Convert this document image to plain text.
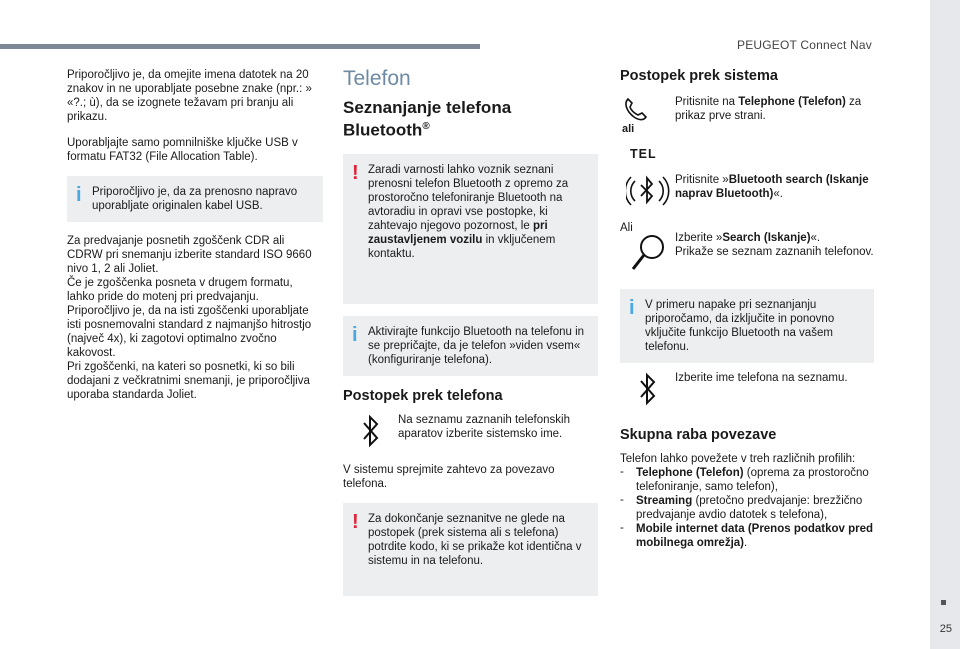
PEUGEOT Connect Nav
25

Priporočljivo je, da omejite imena datotek na 20 znakov in ne uporabljate posebne znake (npr.: » «?.; ù), da se izognete težavam pri branju ali prikazu.

Uporabljajte samo pomnilniške ključke USB v formatu FAT32 (File Allocation Table).

i Priporočljivo je, da za prenosno napravo uporabljate originalen kabel USB.

Za predvajanje posnetih zgoščenk CDR ali CDRW pri snemanju izberite standard ISO 9660 nivo 1, 2 ali Joliet.

Če je zgoščenka posneta v drugem formatu, lahko pride do motenj pri predvajanju.

Priporočljivo je, da na isti zgoščenki uporabljate isti posnemovalni standard z najmanjšo hitrostjo (največ 4x), ki zagotovi optimalno zvočno kakovost.

Pri zgoščenki, na kateri so posnetki, ki so bili dodajani z večkratnimi snemanji, je priporočljiva uporaba standarda Joliet.

Telefon
Seznanjanje telefona
Bluetooth®
! Zaradi varnosti lahko voznik seznani prenosni telefon Bluetooth z opremo za prostoročno telefoniranje Bluetooth na avtoradiu in opravi vse postopke, ki zahtevajo njegovo pozornost, le pri zaustavljenem vozilu in vključenem kontaktu.
i Aktivirajte funkcijo Bluetooth na telefonu in se prepričajte, da je telefon »viden vsem« (konfiguriranje telefona).
Postopek prek telefona

Na seznamu zaznanih telefonskih aparatov izberite sistemsko ime.

V sistemu sprejmite zahtevo za povezavo telefona.

! Za dokončanje seznanitve ne glede na postopek (prek sistema ali s telefona) potrdite kodo, ki se prikaže kot identična v sistemu in na telefonu.
Postopek prek sistema
ali
TEL

Pritisnite na Telephone (Telefon) za prikaz prve strani.

Pritisnite »Bluetooth search (Iskanje naprav Bluetooth)«.

Ali

Izberite »Search (Iskanje)«.

Prikaže se seznam zaznanih telefonov.

i V primeru napake pri seznanjanju priporočamo, da izključite in ponovno vključite funkcijo Bluetooth na vašem telefonu.

Izberite ime telefona na seznamu.

Skupna raba povezave

Telefon lahko povežete v treh različnih profilih:

-	Telephone (Telefon) (oprema za prostoročno telefoniranje, samo telefon),

-	Streaming (pretočno predvajanje: brezžično predvajanje avdio datotek s telefona),

-	Mobile internet data (Prenos podatkov pred mobilnega omrežja).
